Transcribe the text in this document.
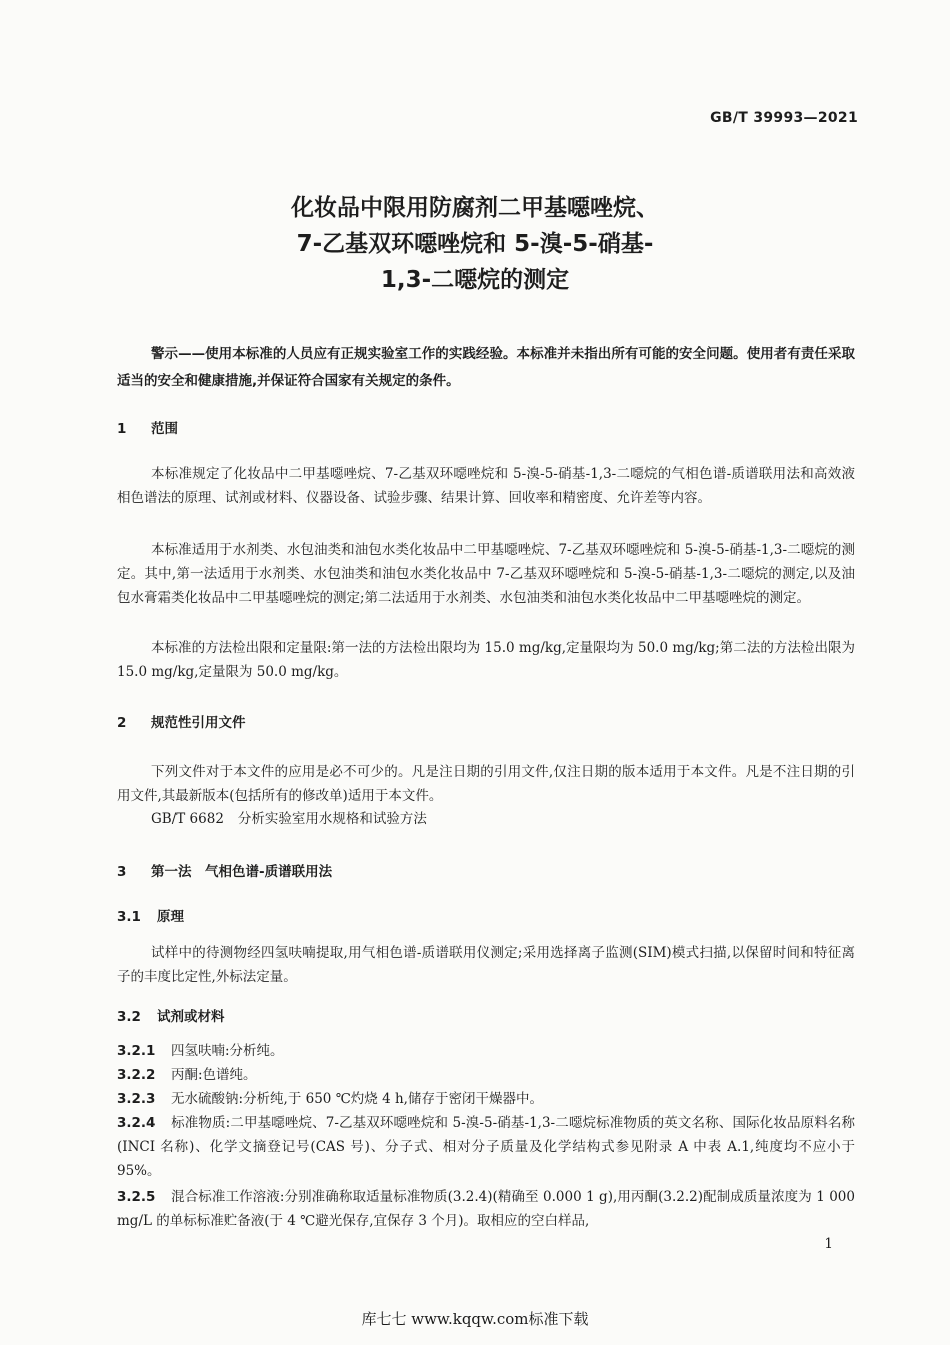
GB/T 39993—2021
化妆品中限用防腐剂二甲基噁唑烷、
7-乙基双环噁唑烷和 5-溴-5-硝基-
1,3-二噁烷的测定
警示——使用本标准的人员应有正规实验室工作的实践经验。本标准并未指出所有可能的安全问题。使用者有责任采取适当的安全和健康措施,并保证符合国家有关规定的条件。
1 范围
本标准规定了化妆品中二甲基噁唑烷、7-乙基双环噁唑烷和 5-溴-5-硝基-1,3-二噁烷的气相色谱-质谱联用法和高效液相色谱法的原理、试剂或材料、仪器设备、试验步骤、结果计算、回收率和精密度、允许差等内容。
本标准适用于水剂类、水包油类和油包水类化妆品中二甲基噁唑烷、7-乙基双环噁唑烷和 5-溴-5-硝基-1,3-二噁烷的测定。其中,第一法适用于水剂类、水包油类和油包水类化妆品中 7-乙基双环噁唑烷和 5-溴-5-硝基-1,3-二噁烷的测定,以及油包水膏霜类化妆品中二甲基噁唑烷的测定;第二法适用于水剂类、水包油类和油包水类化妆品中二甲基噁唑烷的测定。
本标准的方法检出限和定量限:第一法的方法检出限均为 15.0 mg/kg,定量限均为 50.0 mg/kg;第二法的方法检出限为 15.0 mg/kg,定量限为 50.0 mg/kg。
2 规范性引用文件
下列文件对于本文件的应用是必不可少的。凡是注日期的引用文件,仅注日期的版本适用于本文件。凡是不注日期的引用文件,其最新版本(包括所有的修改单)适用于本文件。
GB/T 6682 分析实验室用水规格和试验方法
3 第一法　气相色谱-质谱联用法
3.1 原理
试样中的待测物经四氢呋喃提取,用气相色谱-质谱联用仪测定;采用选择离子监测(SIM)模式扫描,以保留时间和特征离子的丰度比定性,外标法定量。
3.2 试剂或材料
3.2.1 四氢呋喃:分析纯。
3.2.2 丙酮:色谱纯。
3.2.3 无水硫酸钠:分析纯,于 650 ℃灼烧 4 h,储存于密闭干燥器中。
3.2.4 标准物质:二甲基噁唑烷、7-乙基双环噁唑烷和 5-溴-5-硝基-1,3-二噁烷标准物质的英文名称、国际化妆品原料名称(INCI 名称)、化学文摘登记号(CAS 号)、分子式、相对分子质量及化学结构式参见附录 A 中表 A.1,纯度均不应小于 95%。
3.2.5 混合标准工作溶液:分别准确称取适量标准物质(3.2.4)(精确至 0.000 1 g),用丙酮(3.2.2)配制成质量浓度为 1 000 mg/L 的单标标准贮备液(于 4 ℃避光保存,宜保存 3 个月)。取相应的空白样品,
1
库七七 www.kqqw.com标准下载
